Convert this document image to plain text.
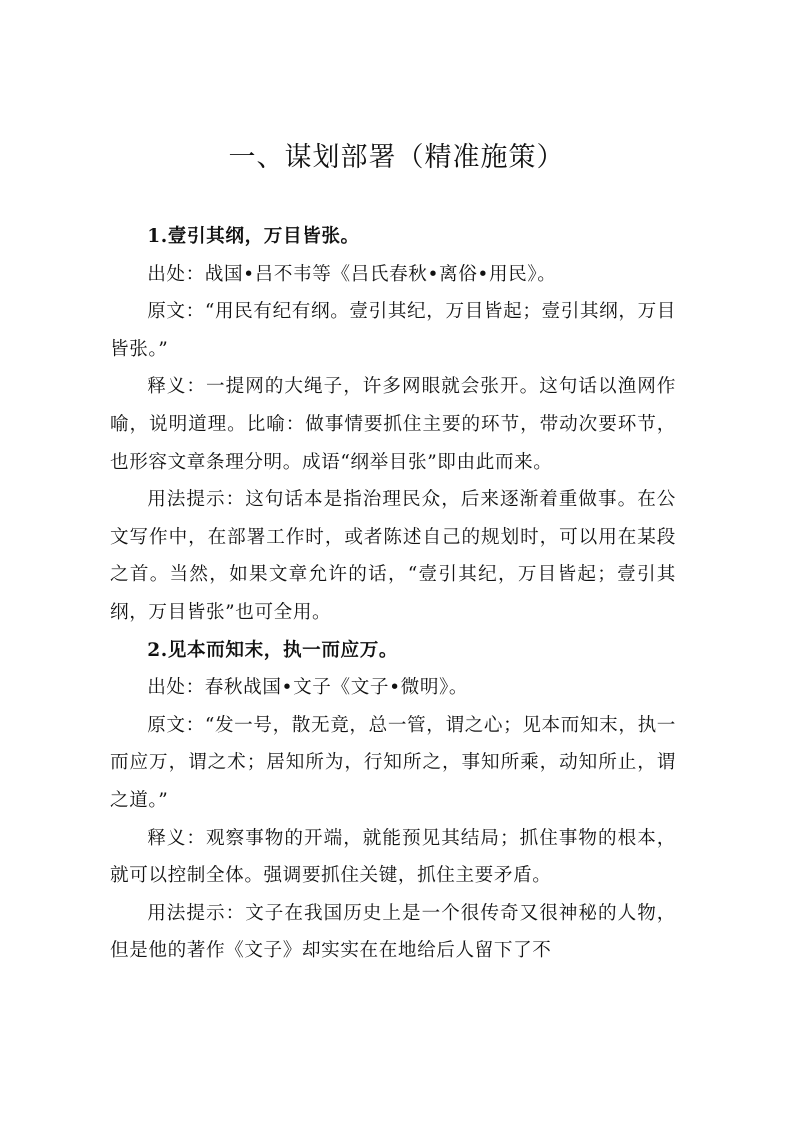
一、谋划部署（精准施策）

1.壹引其纲，万目皆张。

出处：战国•吕不韦等《吕氏春秋•离俗•用民》。

原文：“用民有纪有纲。壹引其纪，万目皆起；壹引其纲，万目皆张。”

释义：一提网的大绳子，许多网眼就会张开。这句话以渔网作喻，说明道理。比喻：做事情要抓住主要的环节，带动次要环节，也形容文章条理分明。成语“纲举目张”即由此而来。

用法提示：这句话本是指治理民众，后来逐渐着重做事。在公文写作中，在部署工作时，或者陈述自己的规划时，可以用在某段之首。当然，如果文章允许的话，“壹引其纪，万目皆起；壹引其纲，万目皆张”也可全用。

2.见本而知末，执一而应万。

出处：春秋战国•文子《文子•微明》。

原文：“发一号，散无竟，总一管，谓之心；见本而知末，执一而应万，谓之术；居知所为，行知所之，事知所乘，动知所止，谓之道。”

释义：观察事物的开端，就能预见其结局；抓住事物的根本，就可以控制全体。强调要抓住关键，抓住主要矛盾。

用法提示：文子在我国历史上是一个很传奇又很神秘的人物，但是他的著作《文子》却实实在在地给后人留下了不
